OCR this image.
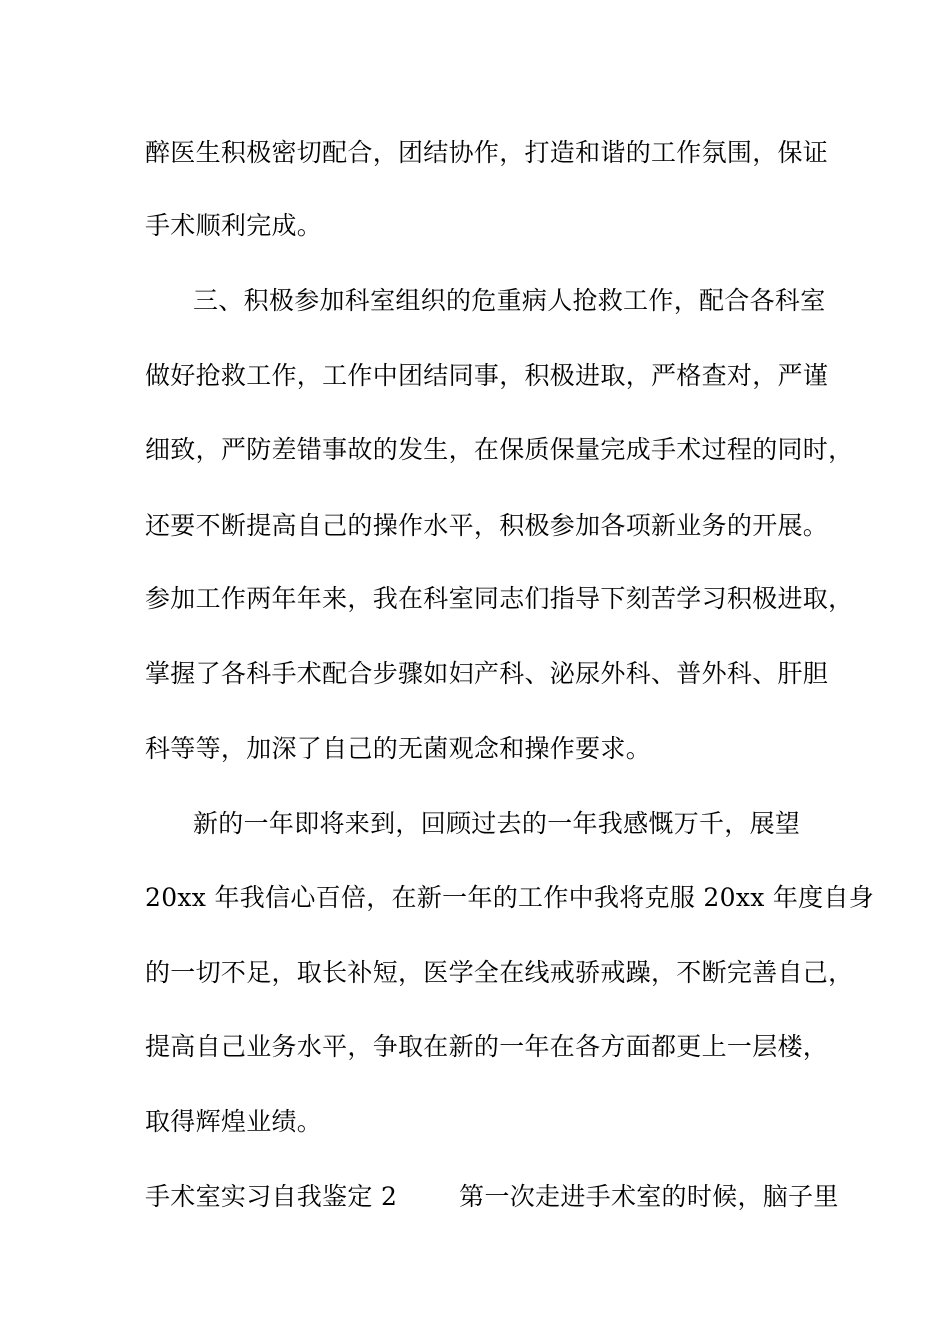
醉医生积极密切配合，团结协作，打造和谐的工作氛围，保证
手术顺利完成。
三、积极参加科室组织的危重病人抢救工作，配合各科室
做好抢救工作，工作中团结同事，积极进取，严格查对，严谨
细致，严防差错事故的发生，在保质保量完成手术过程的同时，
还要不断提高自己的操作水平，积极参加各项新业务的开展。
参加工作两年年来，我在科室同志们指导下刻苦学习积极进取，
掌握了各科手术配合步骤如妇产科、泌尿外科、普外科、肝胆
科等等，加深了自己的无菌观念和操作要求。
新的一年即将来到，回顾过去的一年我感慨万千，展望
20xx 年我信心百倍，在新一年的工作中我将克服 20xx 年度自身
的一切不足，取长补短，医学全在线戒骄戒躁，不断完善自己，
提高自己业务水平，争取在新的一年在各方面都更上一层楼，
取得辉煌业绩。
手术室实习自我鉴定 2 第一次走进手术室的时候，脑子里
